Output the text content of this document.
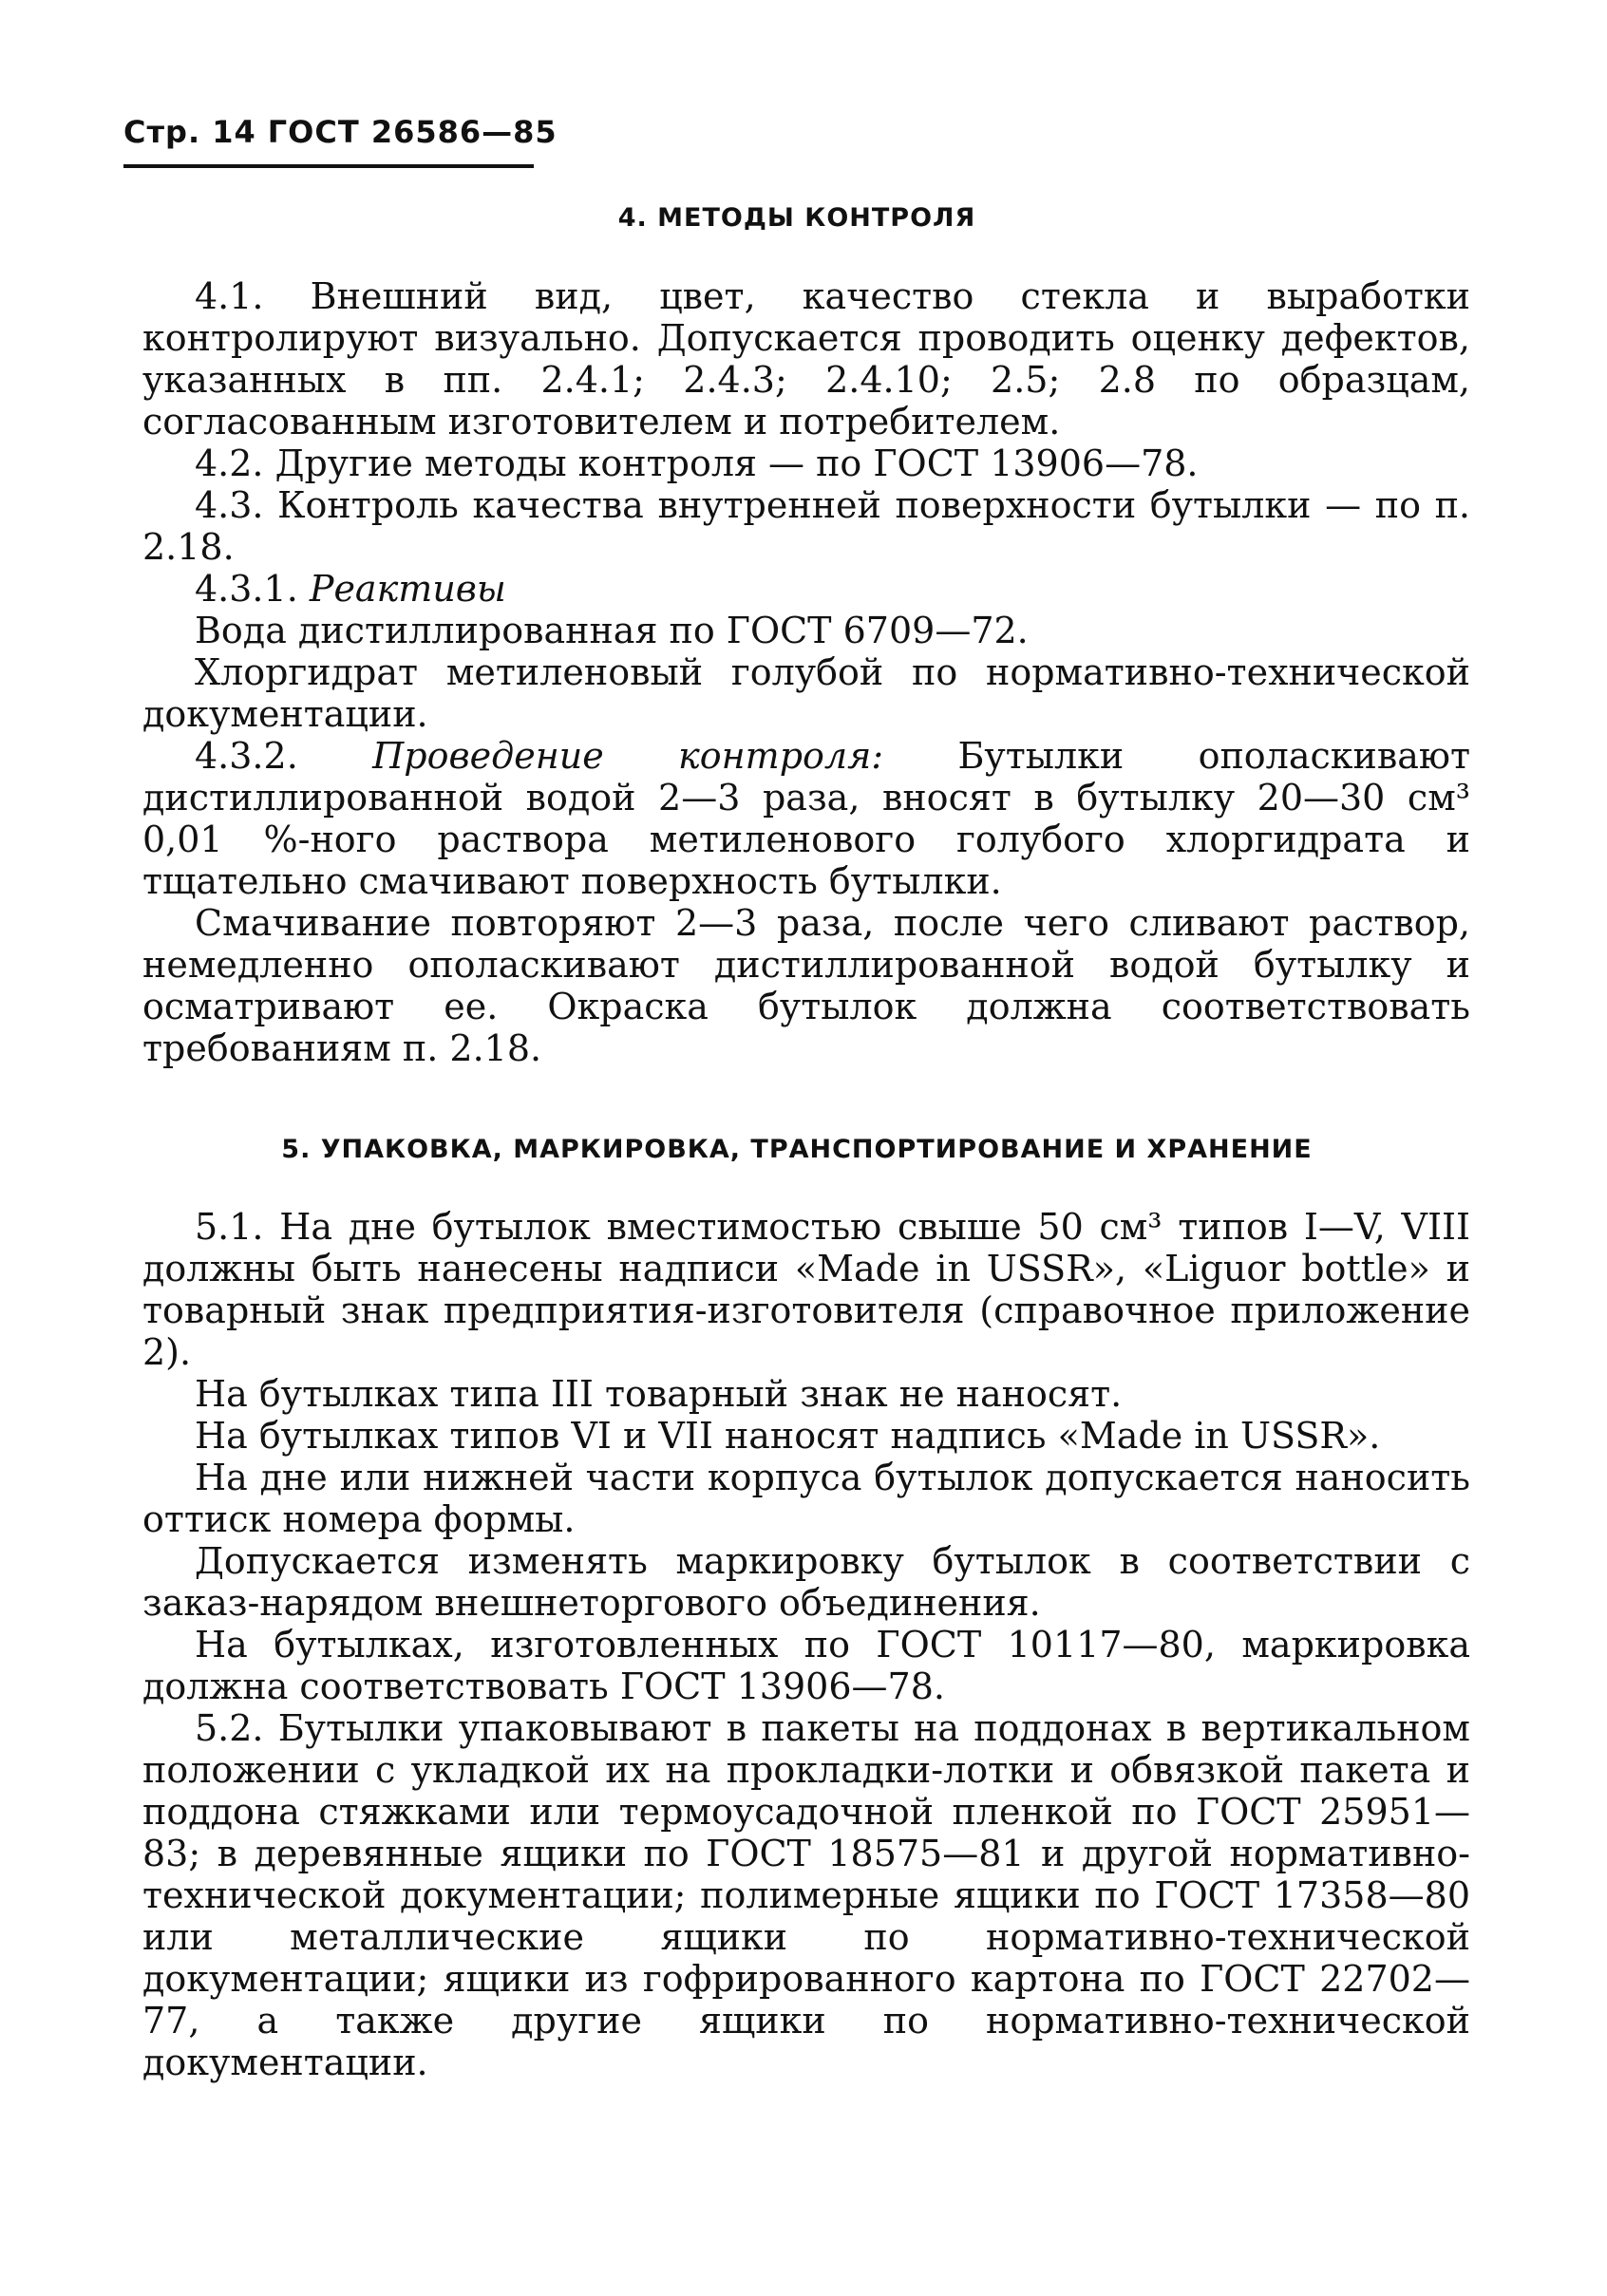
Стр. 14 ГОСТ 26586—85
4. МЕТОДЫ КОНТРОЛЯ

4.1. Внешний вид, цвет, качество стекла и выработки контролируют визуально. Допускается проводить оценку дефектов, указанных в пп. 2.4.1; 2.4.3; 2.4.10; 2.5; 2.8 по образцам, согласованным изготовителем и потребителем.

4.2. Другие методы контроля — по ГОСТ 13906—78.

4.3. Контроль качества внутренней поверхности бутылки — по п. 2.18.

4.3.1. Реактивы

Вода дистиллированная по ГОСТ 6709—72.

Хлоргидрат метиленовый голубой по нормативно-технической документации.

4.3.2. Проведение контроля: Бутылки ополаскивают дистиллированной водой 2—3 раза, вносят в бутылку 20—30 см³ 0,01 %-ного раствора метиленового голубого хлоргидрата и тщательно смачивают поверхность бутылки.

Смачивание повторяют 2—3 раза, после чего сливают раствор, немедленно ополаскивают дистиллированной водой бутылку и осматривают ее. Окраска бутылок должна соответствовать требованиям п. 2.18.

5. УПАКОВКА, МАРКИРОВКА, ТРАНСПОРТИРОВАНИЕ И ХРАНЕНИЕ

5.1. На дне бутылок вместимостью свыше 50 см³ типов I—V, VIII должны быть нанесены надписи «Made in USSR», «Liguor bottle» и товарный знак предприятия-изготовителя (справочное приложение 2).

На бутылках типа III товарный знак не наносят.

На бутылках типов VI и VII наносят надпись «Made in USSR».

На дне или нижней части корпуса бутылок допускается наносить оттиск номера формы.

Допускается изменять маркировку бутылок в соответствии с заказ-нарядом внешнеторгового объединения.

На бутылках, изготовленных по ГОСТ 10117—80, маркировка должна соответствовать ГОСТ 13906—78.

5.2. Бутылки упаковывают в пакеты на поддонах в вертикальном положении с укладкой их на прокладки-лотки и обвязкой пакета и поддона стяжками или термоусадочной пленкой по ГОСТ 25951—83; в деревянные ящики по ГОСТ 18575—81 и другой нормативно-технической документации; полимерные ящики по ГОСТ 17358—80 или металлические ящики по нормативно-технической документации; ящики из гофрированного картона по ГОСТ 22702—77, а также другие ящики по нормативно-технической документации.
